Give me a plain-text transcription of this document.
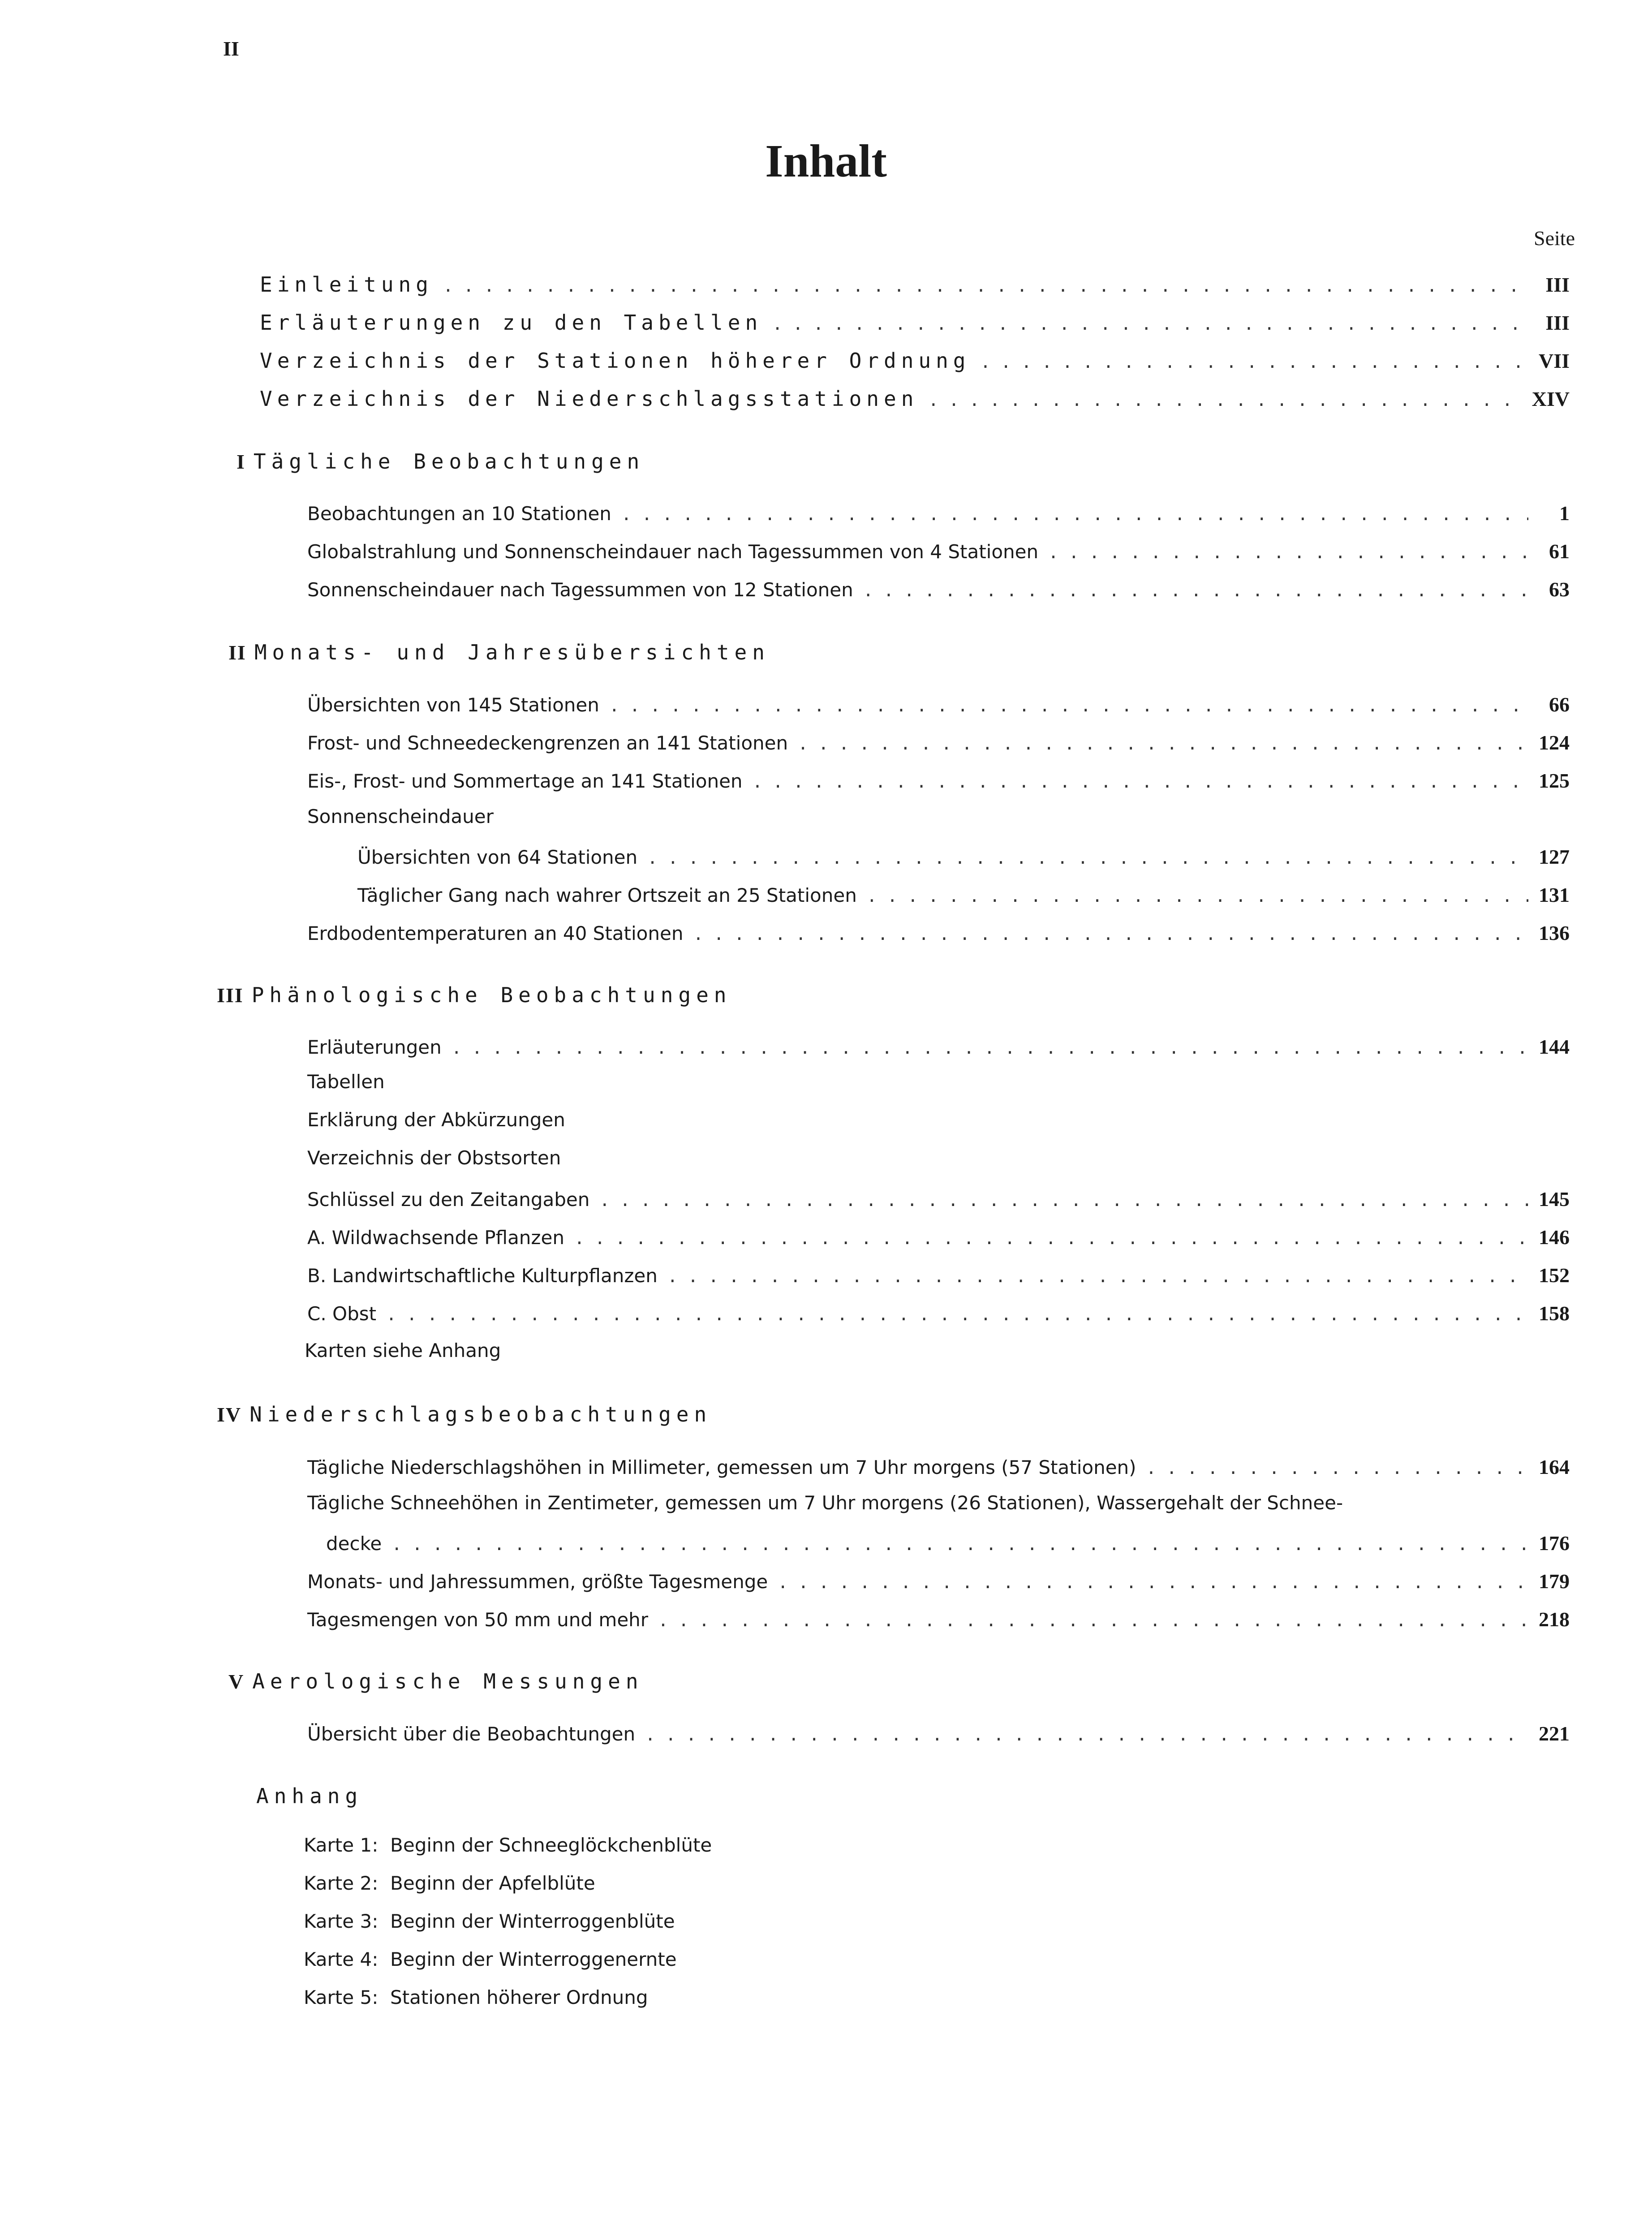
II
Inhalt
Seite
Einleitung . . .	III
Erläuterungen zu den Tabellen . . .	III
Verzeichnis der Stationen höherer Ordnung . . .	VII
Verzeichnis der Niederschlagsstationen . . .	XIV
I Tägliche Beobachtungen
Beobachtungen an 10 Stationen . . .	1
Globalstrahlung und Sonnenscheindauer nach Tagessummen von 4 Stationen . . .	61
Sonnenscheindauer nach Tagessummen von 12 Stationen . . .	63
II Monats- und Jahresübersichten
Übersichten von 145 Stationen . . .	66
Frost- und Schneedeckengrenzen an 141 Stationen . . .	124
Eis-, Frost- und Sommertage an 141 Stationen . . .	125
Sonnenscheindauer
Übersichten von 64 Stationen . . .	127
Täglicher Gang nach wahrer Ortszeit an 25 Stationen . . .	131
Erdbodentemperaturen an 40 Stationen . . .	136
III Phänologische Beobachtungen
Erläuterungen . . .	144
Tabellen
Erklärung der Abkürzungen
Verzeichnis der Obstsorten
Schlüssel zu den Zeitangaben . . .	145
A. Wildwachsende Pflanzen . . .	146
B. Landwirtschaftliche Kulturpflanzen . . .	152
C. Obst . . .	158
Karten siehe Anhang
IV Niederschlagsbeobachtungen
Tägliche Niederschlagshöhen in Millimeter, gemessen um 7 Uhr morgens (57 Stationen) . . .	164
Tägliche Schneehöhen in Zentimeter, gemessen um 7 Uhr morgens (26 Stationen), Wassergehalt der Schnee-
decke . . .	176
Monats- und Jahressummen, größte Tagesmenge . . .	179
Tagesmengen von 50 mm und mehr . . .	218
V Aerologische Messungen
Übersicht über die Beobachtungen . . .	221
Anhang
Karte 1:  Beginn der Schneeglöckchenblüte
Karte 2:  Beginn der Apfelblüte
Karte 3:  Beginn der Winterroggenblüte
Karte 4:  Beginn der Winterroggenernte
Karte 5:  Stationen höherer Ordnung
